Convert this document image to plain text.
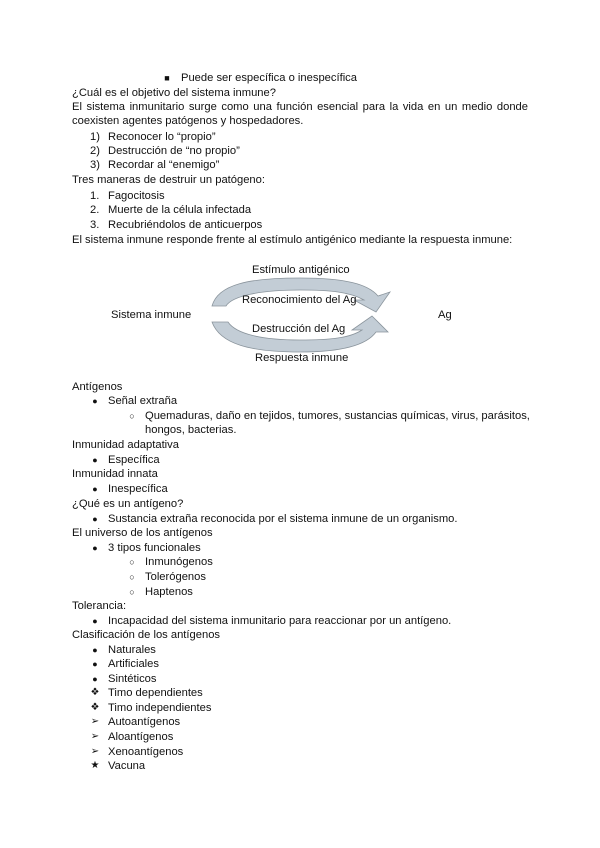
■ Puede ser específica o inespecífica
¿Cuál es el objetivo del sistema inmune?
El sistema inmunitario surge como una función esencial para la vida en un medio donde coexisten agentes patógenos y hospedadores.
1) Reconocer lo “propio”
2) Destrucción de “no propio”
3) Recordar al “enemigo”
Tres maneras de destruir un patógeno:
1. Fagocitosis
2. Muerte de la célula infectada
3. Recubriéndolos de anticuerpos
El sistema inmune responde frente al estímulo antigénico mediante la respuesta inmune:
Estímulo antigénico
Reconocimiento del Ag
Sistema inmune	Ag
Destrucción del Ag
Respuesta inmune
Antígenos
● Señal extraña
○ Quemaduras, daño en tejidos, tumores, sustancias químicas, virus, parásitos,
hongos, bacterias.
Inmunidad adaptativa
● Específica
Inmunidad innata
● Inespecífica
¿Qué es un antígeno?
● Sustancia extraña reconocida por el sistema inmune de un organismo.
El universo de los antígenos
● 3 tipos funcionales
○ Inmunógenos
○ Tolerógenos
○ Haptenos
Tolerancia:
● Incapacidad del sistema inmunitario para reaccionar por un antígeno.
Clasificación de los antígenos
● Naturales
● Artificiales
● Sintéticos
❖ Timo dependientes
❖ Timo independientes
➢ Autoantígenos
➢ Aloantígenos
➢ Xenoantígenos
★ Vacuna
